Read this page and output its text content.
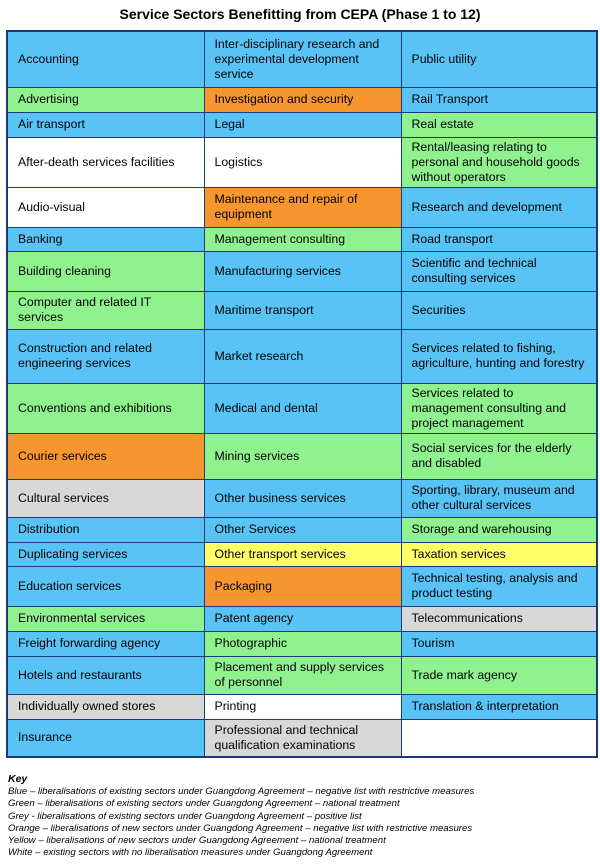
Service Sectors Benefitting from CEPA (Phase 1 to 12)
Accounting	Inter-disciplinary research and experimental development service	Public utility
Advertising	Investigation and security	Rail Transport
Air transport	Legal	Real estate
After-death services facilities	Logistics	Rental/leasing relating to personal and household goods without operators
Audio-visual	Maintenance and repair of equipment	Research and development
Banking	Management consulting	Road transport
Building cleaning	Manufacturing services	Scientific and technical consulting services
Computer and related IT services	Maritime transport	Securities
Construction and related engineering services	Market research	Services related to fishing, agriculture, hunting and forestry
Conventions and exhibitions	Medical and dental	Services related to management consulting and project management
Courier services	Mining services	Social services for the elderly and disabled
Cultural services	Other business services	Sporting, library, museum and other cultural services
Distribution	Other Services	Storage and warehousing
Duplicating services	Other transport services	Taxation services
Education services	Packaging	Technical testing, analysis and product testing
Environmental services	Patent agency	Telecommunications
Freight forwarding agency	Photographic	Tourism
Hotels and restaurants	Placement and supply services of personnel	Trade mark agency
Individually owned stores	Printing	Translation & interpretation
Insurance	Professional and technical qualification examinations	
Key
Blue – liberalisations of existing sectors under Guangdong Agreement – negative list with restrictive measures
Green – liberalisations of existing sectors under Guangdong Agreement – national treatment
Grey - liberalisations of existing sectors under Guangdong Agreement – positive list
Orange – liberalisations of new sectors under Guangdong Agreement – negative list with restrictive measures
Yellow – liberalisations of new sectors under Guangdong Agreement – national treatment
White – existing sectors with no liberalisation measures under Guangdong Agreement
